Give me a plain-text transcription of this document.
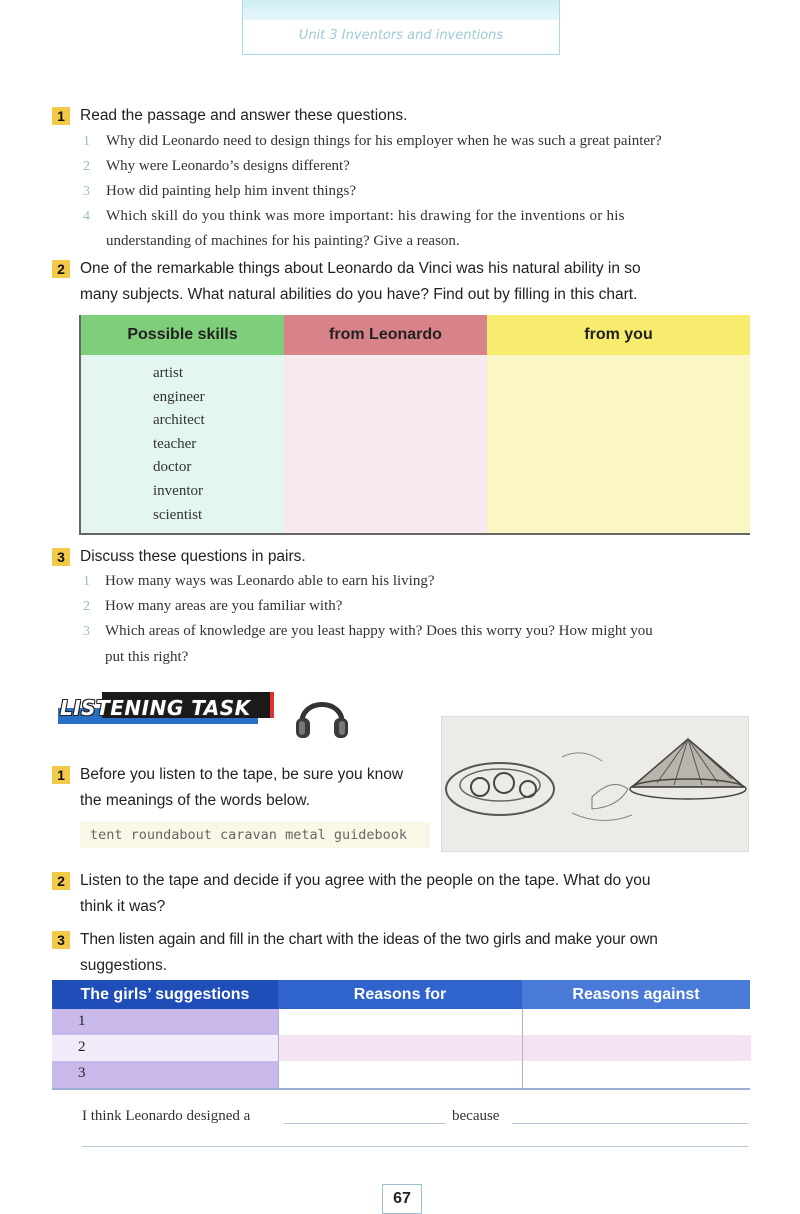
Unit 3 Inventors and inventions
1 Read the passage and answer these questions.
1 Why did Leonardo need to design things for his employer when he was such a great painter?
2 Why were Leonardo’s designs different?
3 How did painting help him invent things?
4 Which skill do you think was more important: his drawing for the inventions or his
understanding of machines for his painting? Give a reason.
2 One of the remarkable things about Leonardo da Vinci was his natural ability in so
many subjects. What natural abilities do you have? Find out by filling in this chart.
Possible skills	from Leonardo	from you
artist
engineer
architect
teacher
doctor
inventor
scientist
3 Discuss these questions in pairs.
1 How many ways was Leonardo able to earn his living?
2 How many areas are you familiar with?
3 Which areas of knowledge are you least happy with? Does this worry you? How might you
put this right?
LISTENING TASK
1 Before you listen to the tape, be sure you know
the meanings of the words below.
tent roundabout caravan metal guidebook
2 Listen to the tape and decide if you agree with the people on the tape. What do you
think it was?
3 Then listen again and fill in the chart with the ideas of the two girls and make your own
suggestions.
The girls’ suggestions	Reasons for	Reasons against
1
2
3
I think Leonardo designed a	because
67
